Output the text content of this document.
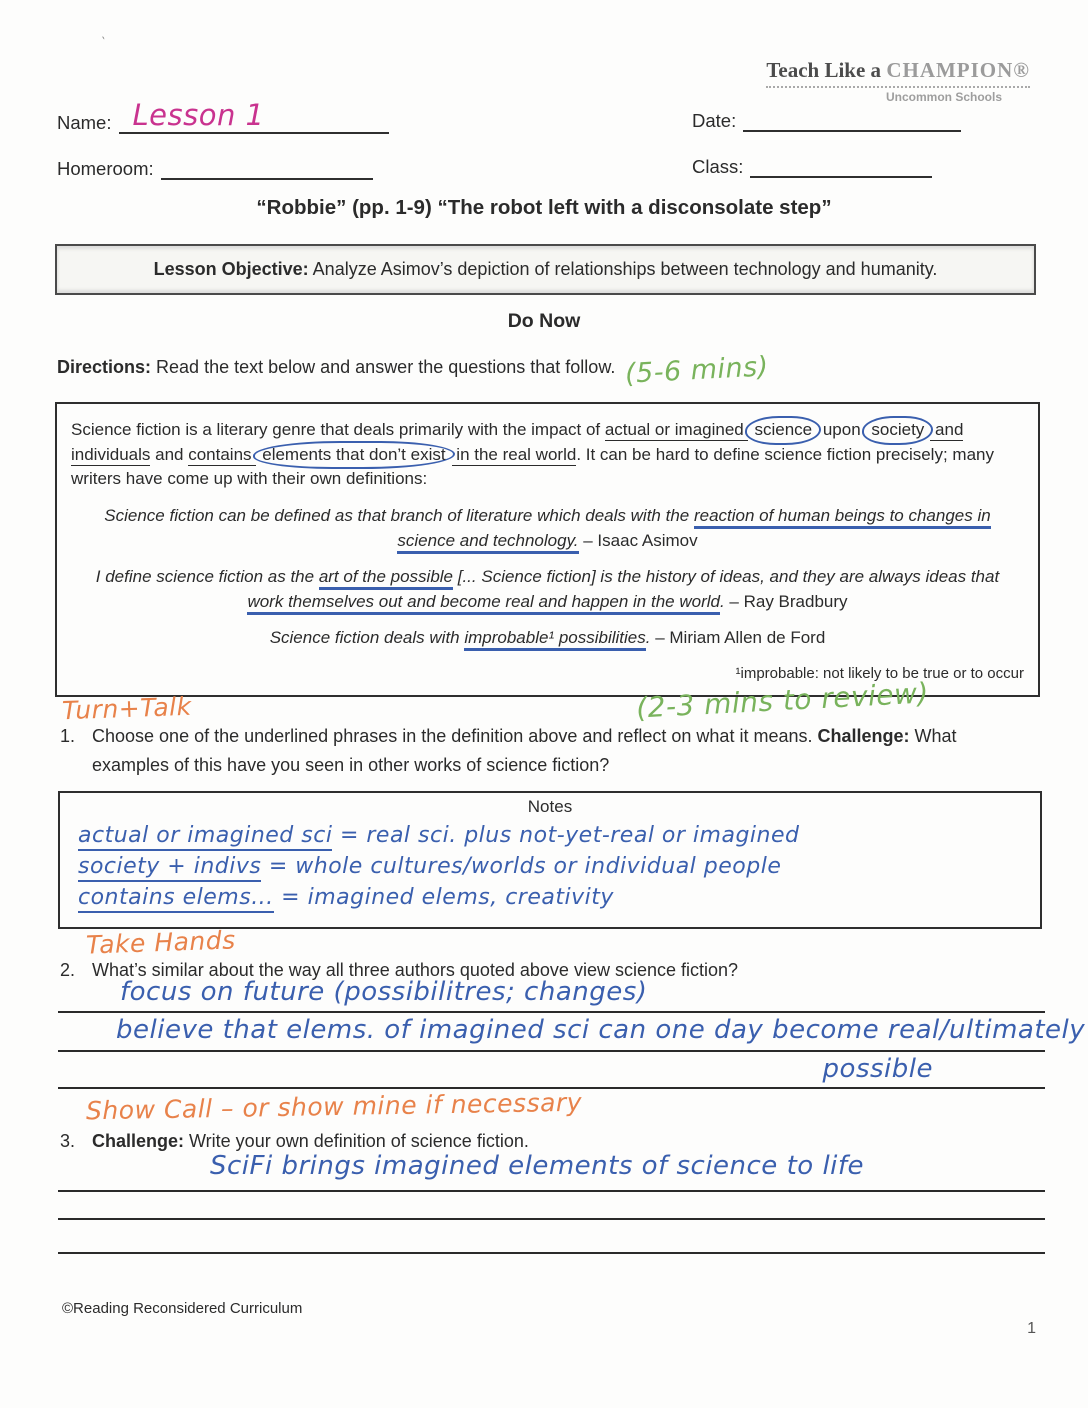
`
Teach Like a CHAMPION®
Uncommon Schools
Name: Lesson 1	Date:
Homeroom:	Class:
“Robbie” (pp. 1-9) “The robot left with a disconsolate step”
Lesson Objective: Analyze Asimov’s depiction of relationships between technology and humanity.
Do Now
Directions: Read the text below and answer the questions that follow. (5-6 mins)

Science fiction is a literary genre that deals primarily with the impact of actual or imagined science upon society and individuals and contains elements that don’t exist in the real world. It can be hard to define science fiction precisely; many writers have come up with their own definitions:

Science fiction can be defined as that branch of literature which deals with the reaction of human beings to changes in science and technology. – Isaac Asimov

I define science fiction as the art of the possible [... Science fiction] is the history of ideas, and they are always ideas that work themselves out and become real and happen in the world. – Ray Bradbury

Science fiction deals with improbable¹ possibilities. – Miriam Allen de Ford

¹improbable: not likely to be true or to occur
Turn+Talk	(2-3 mins to review)
1. Choose one of the underlined phrases in the definition above and reflect on what it means. Challenge: What examples of this have you seen in other works of science fiction?
Notes
actual or imagined sci = real sci. plus not-yet-real or imagined
society + indivs = whole cultures/worlds or individual people
contains elems... = imagined elems, creativity
Take Hands
2. What’s similar about the way all three authors quoted above view science fiction?
focus on future (possibilitres; changes)
believe that elems. of imagined sci can one day become real/ultimately
possible
Show Call – or show mine if necessary
3. Challenge: Write your own definition of science fiction.
SciFi brings imagined elements of science to life
©Reading Reconsidered Curriculum
1
